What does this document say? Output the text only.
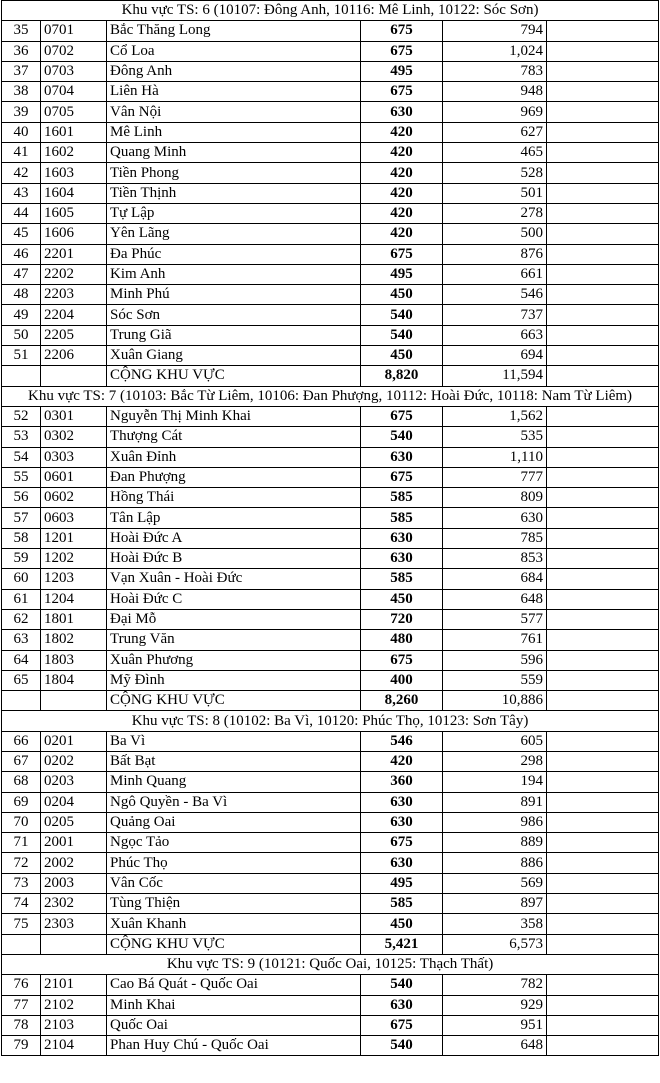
Khu vực TS: 6 (10107: Đông Anh, 10116: Mê Linh, 10122: Sóc Sơn)					
35	0701	Bắc Thăng Long	675	794	
36	0702	Cổ Loa	675	1,024	
37	0703	Đông Anh	495	783	
38	0704	Liên Hà	675	948	
39	0705	Vân Nội	630	969	
40	1601	Mê Linh	420	627	
41	1602	Quang Minh	420	465	
42	1603	Tiền Phong	420	528	
43	1604	Tiền Thịnh	420	501	
44	1605	Tự Lập	420	278	
45	1606	Yên Lãng	420	500	
46	2201	Đa Phúc	675	876	
47	2202	Kim Anh	495	661	
48	2203	Minh Phú	450	546	
49	2204	Sóc Sơn	540	737	
50	2205	Trung Giã	540	663	
51	2206	Xuân Giang	450	694	
		CỘNG KHU VỰC	8,820	11,594	
Khu vực TS: 7 (10103: Bắc Từ Liêm, 10106: Đan Phượng, 10112: Hoài Đức, 10118: Nam Từ Liêm)					
52	0301	Nguyễn Thị Minh Khai	675	1,562	
53	0302	Thượng Cát	540	535	
54	0303	Xuân Đỉnh	630	1,110	
55	0601	Đan Phượng	675	777	
56	0602	Hồng Thái	585	809	
57	0603	Tân Lập	585	630	
58	1201	Hoài Đức A	630	785	
59	1202	Hoài Đức B	630	853	
60	1203	Vạn Xuân - Hoài Đức	585	684	
61	1204	Hoài Đức C	450	648	
62	1801	Đại Mỗ	720	577	
63	1802	Trung Văn	480	761	
64	1803	Xuân Phương	675	596	
65	1804	Mỹ Đình	400	559	
		CỘNG KHU VỰC	8,260	10,886	
Khu vực TS: 8 (10102: Ba Vì, 10120: Phúc Thọ, 10123: Sơn Tây)					
66	0201	Ba Vì	546	605	
67	0202	Bất Bạt	420	298	
68	0203	Minh Quang	360	194	
69	0204	Ngô Quyền - Ba Vì	630	891	
70	0205	Quảng Oai	630	986	
71	2001	Ngọc Tảo	675	889	
72	2002	Phúc Thọ	630	886	
73	2003	Vân Cốc	495	569	
74	2302	Tùng Thiện	585	897	
75	2303	Xuân Khanh	450	358	
		CỘNG KHU VỰC	5,421	6,573	
Khu vực TS: 9 (10121: Quốc Oai, 10125: Thạch Thất)					
76	2101	Cao Bá Quát - Quốc Oai	540	782	
77	2102	Minh Khai	630	929	
78	2103	Quốc Oai	675	951	
79	2104	Phan Huy Chú - Quốc Oai	540	648	
